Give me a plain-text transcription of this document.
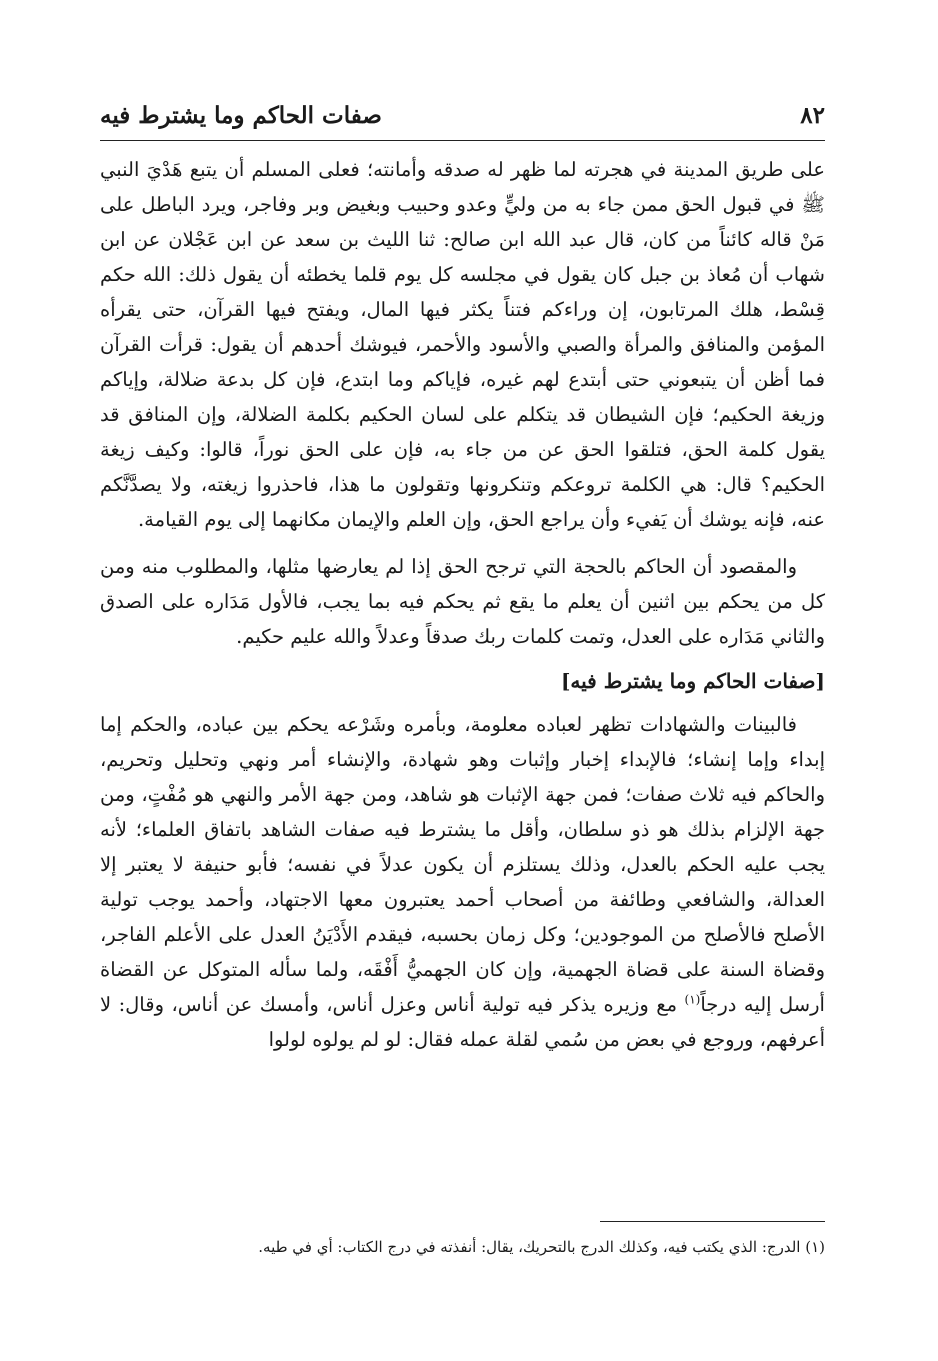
٨٢
صفات الحاكم وما يشترط فيه

على طريق المدينة في هجرته لما ظهر له صدقه وأمانته؛ فعلى المسلم أن يتبع هَدْيَ النبي ﷺ في قبول الحق ممن جاء به من وليٍّ وعدو وحبيب وبغيض وبر وفاجر، ويرد الباطل على مَنْ قاله كائناً من كان، قال عبد الله ابن صالح: ثنا الليث بن سعد عن ابن عَجْلان عن ابن شهاب أن مُعاذ بن جبل كان يقول في مجلسه كل يوم قلما يخطئه أن يقول ذلك: الله حكم قِسْط، هلك المرتابون، إن وراءكم فتناً يكثر فيها المال، ويفتح فيها القرآن، حتى يقرأه المؤمن والمنافق والمرأة والصبي والأسود والأحمر، فيوشك أحدهم أن يقول: قرأت القرآن فما أظن أن يتبعوني حتى أبتدع لهم غيره، فإياكم وما ابتدع، فإن كل بدعة ضلالة، وإياكم وزيغة الحكيم؛ فإن الشيطان قد يتكلم على لسان الحكيم بكلمة الضلالة، وإن المنافق قد يقول كلمة الحق، فتلقوا الحق عن من جاء به، فإن على الحق نوراً، قالوا: وكيف زيغة الحكيم؟ قال: هي الكلمة تروعكم وتنكرونها وتقولون ما هذا، فاحذروا زيغته، ولا يصدَّنَّكم عنه، فإنه يوشك أن يَفيء وأن يراجع الحق، وإن العلم والإيمان مكانهما إلى يوم القيامة.

والمقصود أن الحاكم بالحجة التي ترجح الحق إذا لم يعارضها مثلها، والمطلوب منه ومن كل من يحكم بين اثنين أن يعلم ما يقع ثم يحكم فيه بما يجب، فالأول مَدَاره على الصدق والثاني مَدَاره على العدل، وتمت كلمات ربك صدقاً وعدلاً والله عليم حكيم.

[صفات الحاكم وما يشترط فيه]

فالبينات والشهادات تظهر لعباده معلومة، وبأمره وشَرْعه يحكم بين عباده، والحكم إما إبداء وإما إنشاء؛ فالإبداء إخبار وإثبات وهو شهادة، والإنشاء أمر ونهي وتحليل وتحريم، والحاكم فيه ثلاث صفات؛ فمن جهة الإثبات هو شاهد، ومن جهة الأمر والنهي هو مُفْتٍ، ومن جهة الإلزام بذلك هو ذو سلطان، وأقل ما يشترط فيه صفات الشاهد باتفاق العلماء؛ لأنه يجب عليه الحكم بالعدل، وذلك يستلزم أن يكون عدلاً في نفسه؛ فأبو حنيفة لا يعتبر إلا العدالة، والشافعي وطائفة من أصحاب أحمد يعتبرون معها الاجتهاد، وأحمد يوجب تولية الأصلح فالأصلح من الموجودين؛ وكل زمان بحسبه، فيقدم الأَدْيَنُ العدل على الأعلم الفاجر، وقضاة السنة على قضاة الجهمية، وإن كان الجهميُّ أَفْقَه، ولما سأله المتوكل عن القضاة أرسل إليه درجاً$^{(١)}$ مع وزيره يذكر فيه تولية أناس وعزل أناس، وأمسك عن أناس، وقال: لا أعرفهم، وروجع في بعض من سُمي لقلة عمله فقال: لو لم يولوه لولوا

(١) الدرج: الذي يكتب فيه، وكذلك الدرج بالتحريك، يقال: أنفذته في درج الكتاب: أي في طيه.
